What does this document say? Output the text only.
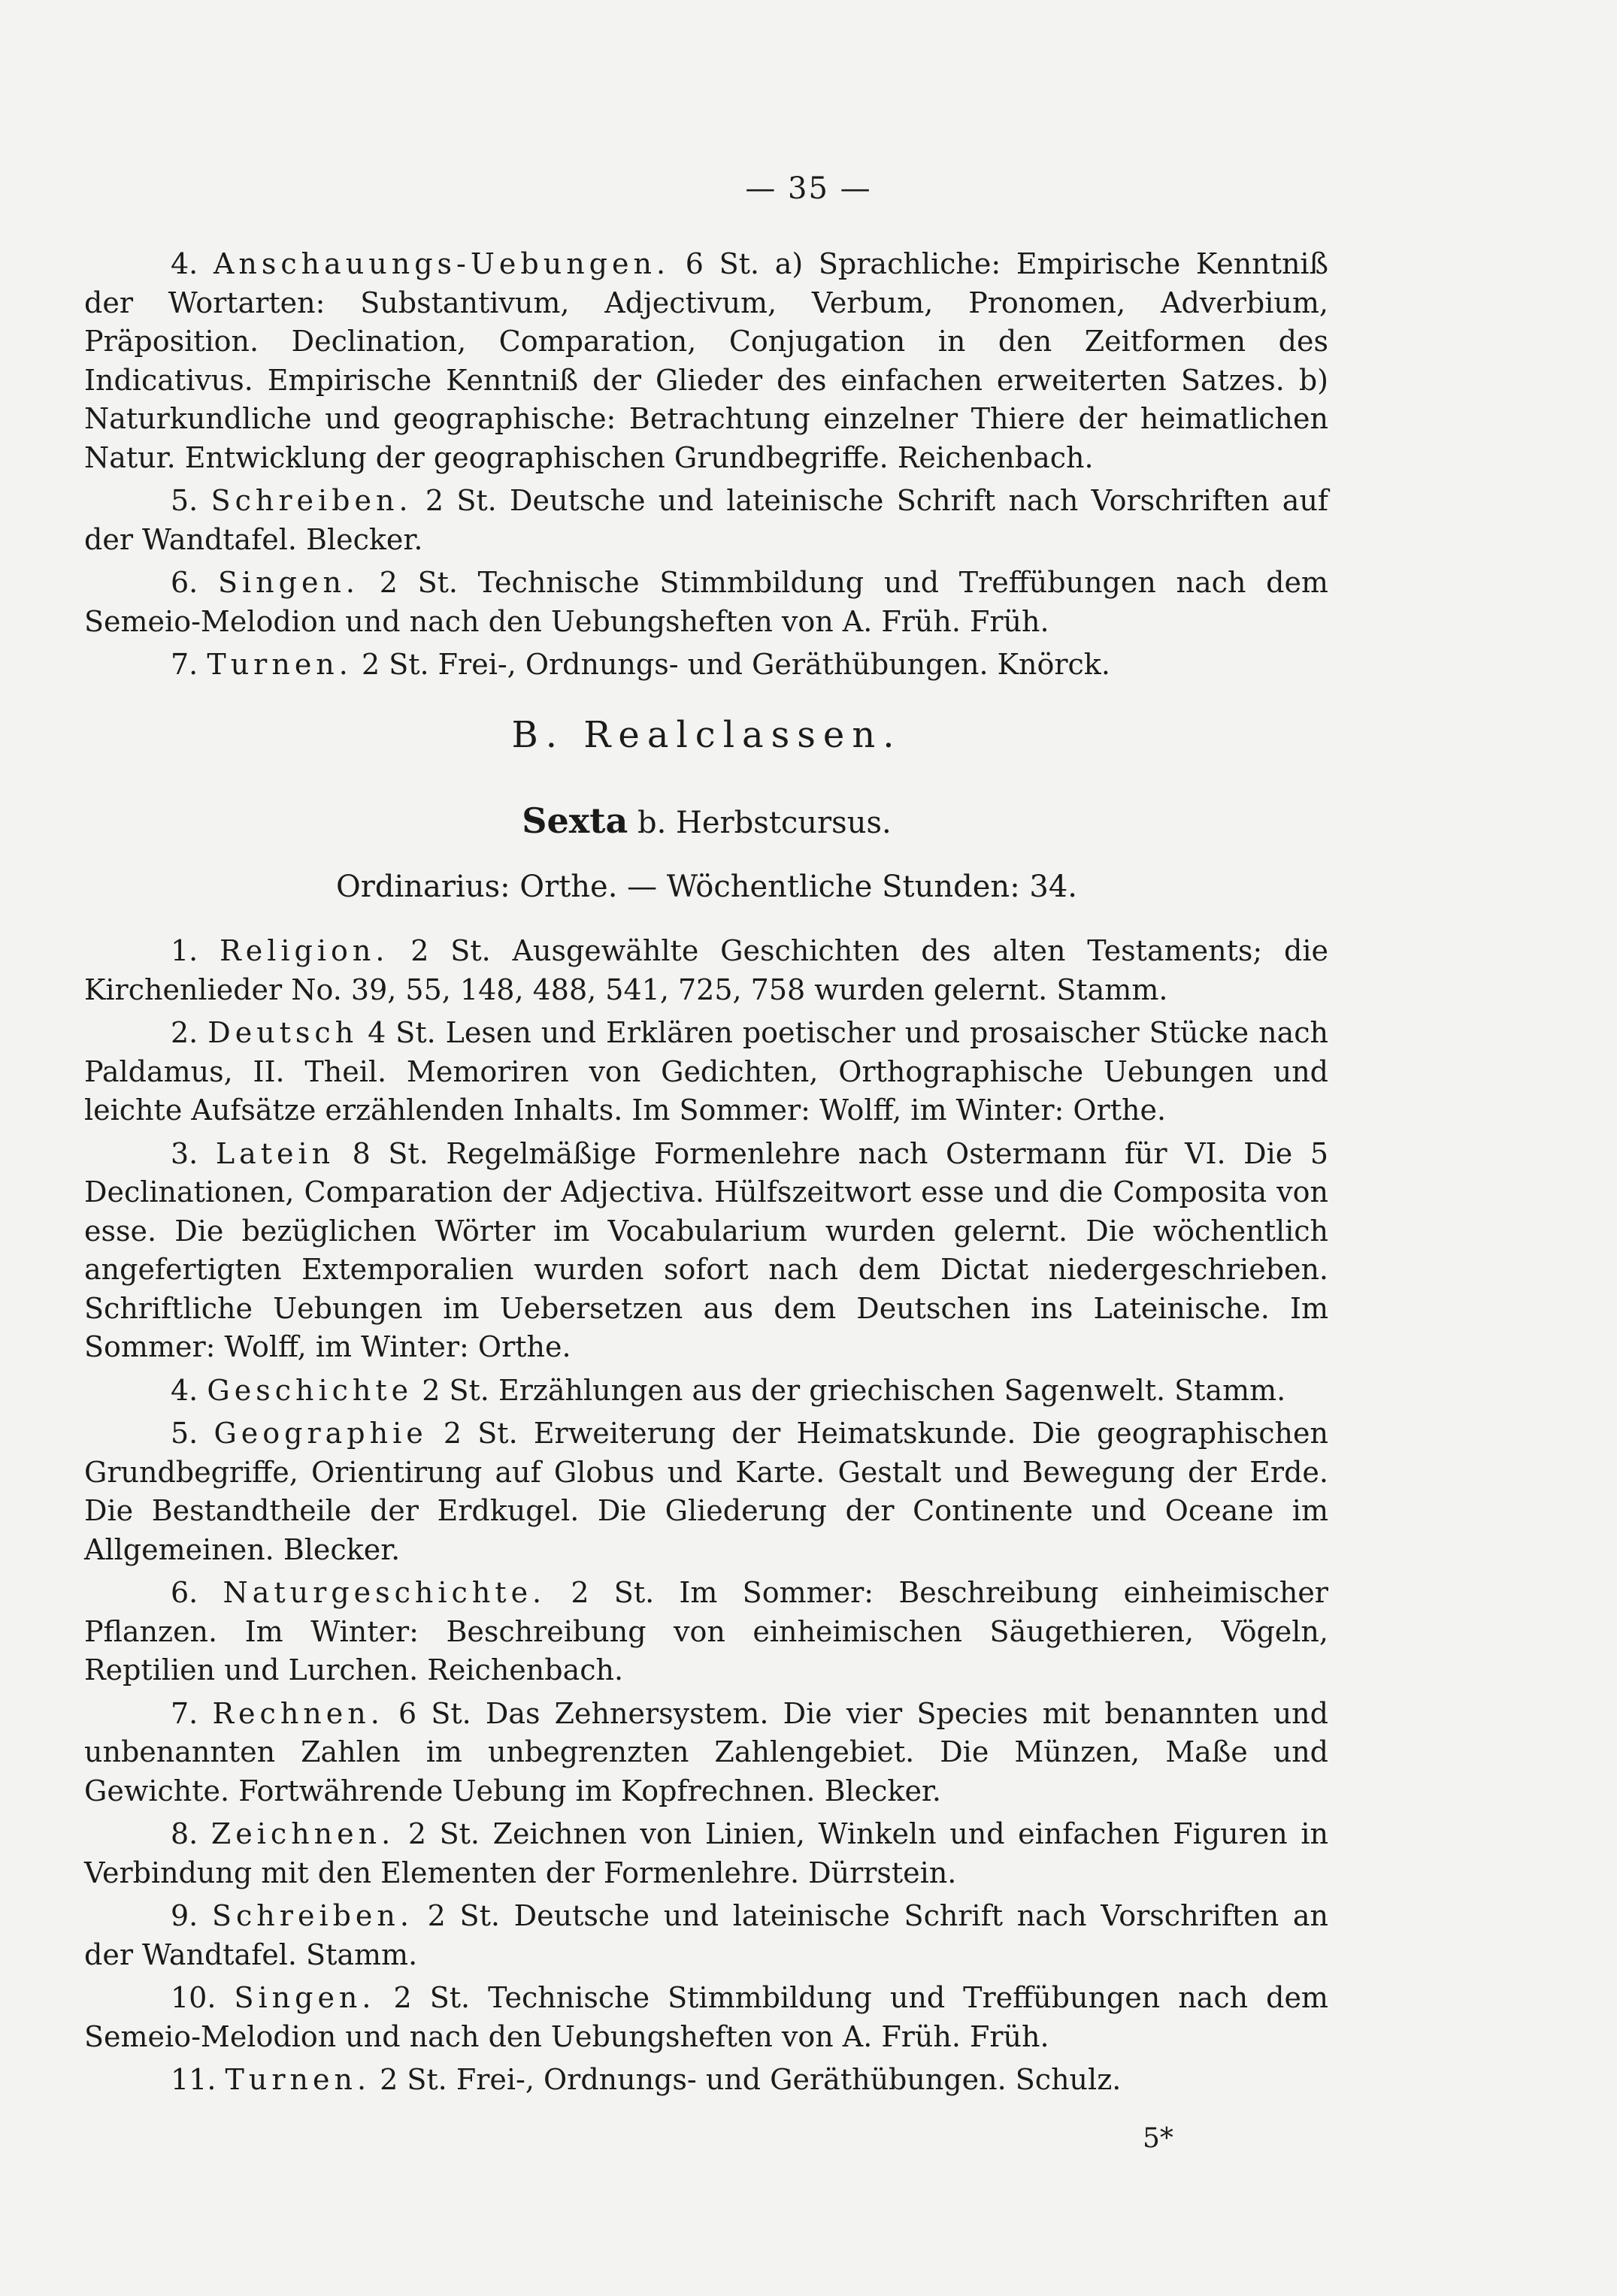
— 35 —

4. Anschauungs-Uebungen. 6 St. a) Sprachliche: Empirische Kenntniß der Wortarten: Substantivum, Adjectivum, Verbum, Pronomen, Adverbium, Präposition. Declination, Comparation, Conjugation in den Zeitformen des Indicativus. Empirische Kenntniß der Glieder des einfachen erweiterten Satzes. b) Naturkundliche und geographische: Betrachtung einzelner Thiere der heimatlichen Natur. Entwicklung der geographischen Grundbegriffe. Reichenbach.

5. Schreiben. 2 St. Deutsche und lateinische Schrift nach Vorschriften auf der Wandtafel. Blecker.

6. Singen. 2 St. Technische Stimmbildung und Treffübungen nach dem Semeio-Melodion und nach den Uebungsheften von A. Früh. Früh.

7. Turnen. 2 St. Frei-, Ordnungs- und Geräthübungen. Knörck.

B. Realclassen.
Sexta b. Herbstcursus.
Ordinarius: Orthe. — Wöchentliche Stunden: 34.

1. Religion. 2 St. Ausgewählte Geschichten des alten Testaments; die Kirchenlieder No. 39, 55, 148, 488, 541, 725, 758 wurden gelernt. Stamm.

2. Deutsch 4 St. Lesen und Erklären poetischer und prosaischer Stücke nach Paldamus, II. Theil. Memoriren von Gedichten, Orthographische Uebungen und leichte Aufsätze erzählenden Inhalts. Im Sommer: Wolff, im Winter: Orthe.

3. Latein 8 St. Regelmäßige Formenlehre nach Ostermann für VI. Die 5 Declinationen, Comparation der Adjectiva. Hülfszeitwort esse und die Composita von esse. Die bezüglichen Wörter im Vocabularium wurden gelernt. Die wöchentlich angefertigten Extemporalien wurden sofort nach dem Dictat niedergeschrieben. Schriftliche Uebungen im Uebersetzen aus dem Deutschen ins Lateinische. Im Sommer: Wolff, im Winter: Orthe.

4. Geschichte 2 St. Erzählungen aus der griechischen Sagenwelt. Stamm.

5. Geographie 2 St. Erweiterung der Heimatskunde. Die geographischen Grundbegriffe, Orientirung auf Globus und Karte. Gestalt und Bewegung der Erde. Die Bestandtheile der Erdkugel. Die Gliederung der Continente und Oceane im Allgemeinen. Blecker.

6. Naturgeschichte. 2 St. Im Sommer: Beschreibung einheimischer Pflanzen. Im Winter: Beschreibung von einheimischen Säugethieren, Vögeln, Reptilien und Lurchen. Reichenbach.

7. Rechnen. 6 St. Das Zehnersystem. Die vier Species mit benannten und unbenannten Zahlen im unbegrenzten Zahlengebiet. Die Münzen, Maße und Gewichte. Fortwährende Uebung im Kopfrechnen. Blecker.

8. Zeichnen. 2 St. Zeichnen von Linien, Winkeln und einfachen Figuren in Verbindung mit den Elementen der Formenlehre. Dürrstein.

9. Schreiben. 2 St. Deutsche und lateinische Schrift nach Vorschriften an der Wandtafel. Stamm.

10. Singen. 2 St. Technische Stimmbildung und Treffübungen nach dem Semeio-Melodion und nach den Uebungsheften von A. Früh. Früh.

11. Turnen. 2 St. Frei-, Ordnungs- und Geräthübungen. Schulz.

5*
